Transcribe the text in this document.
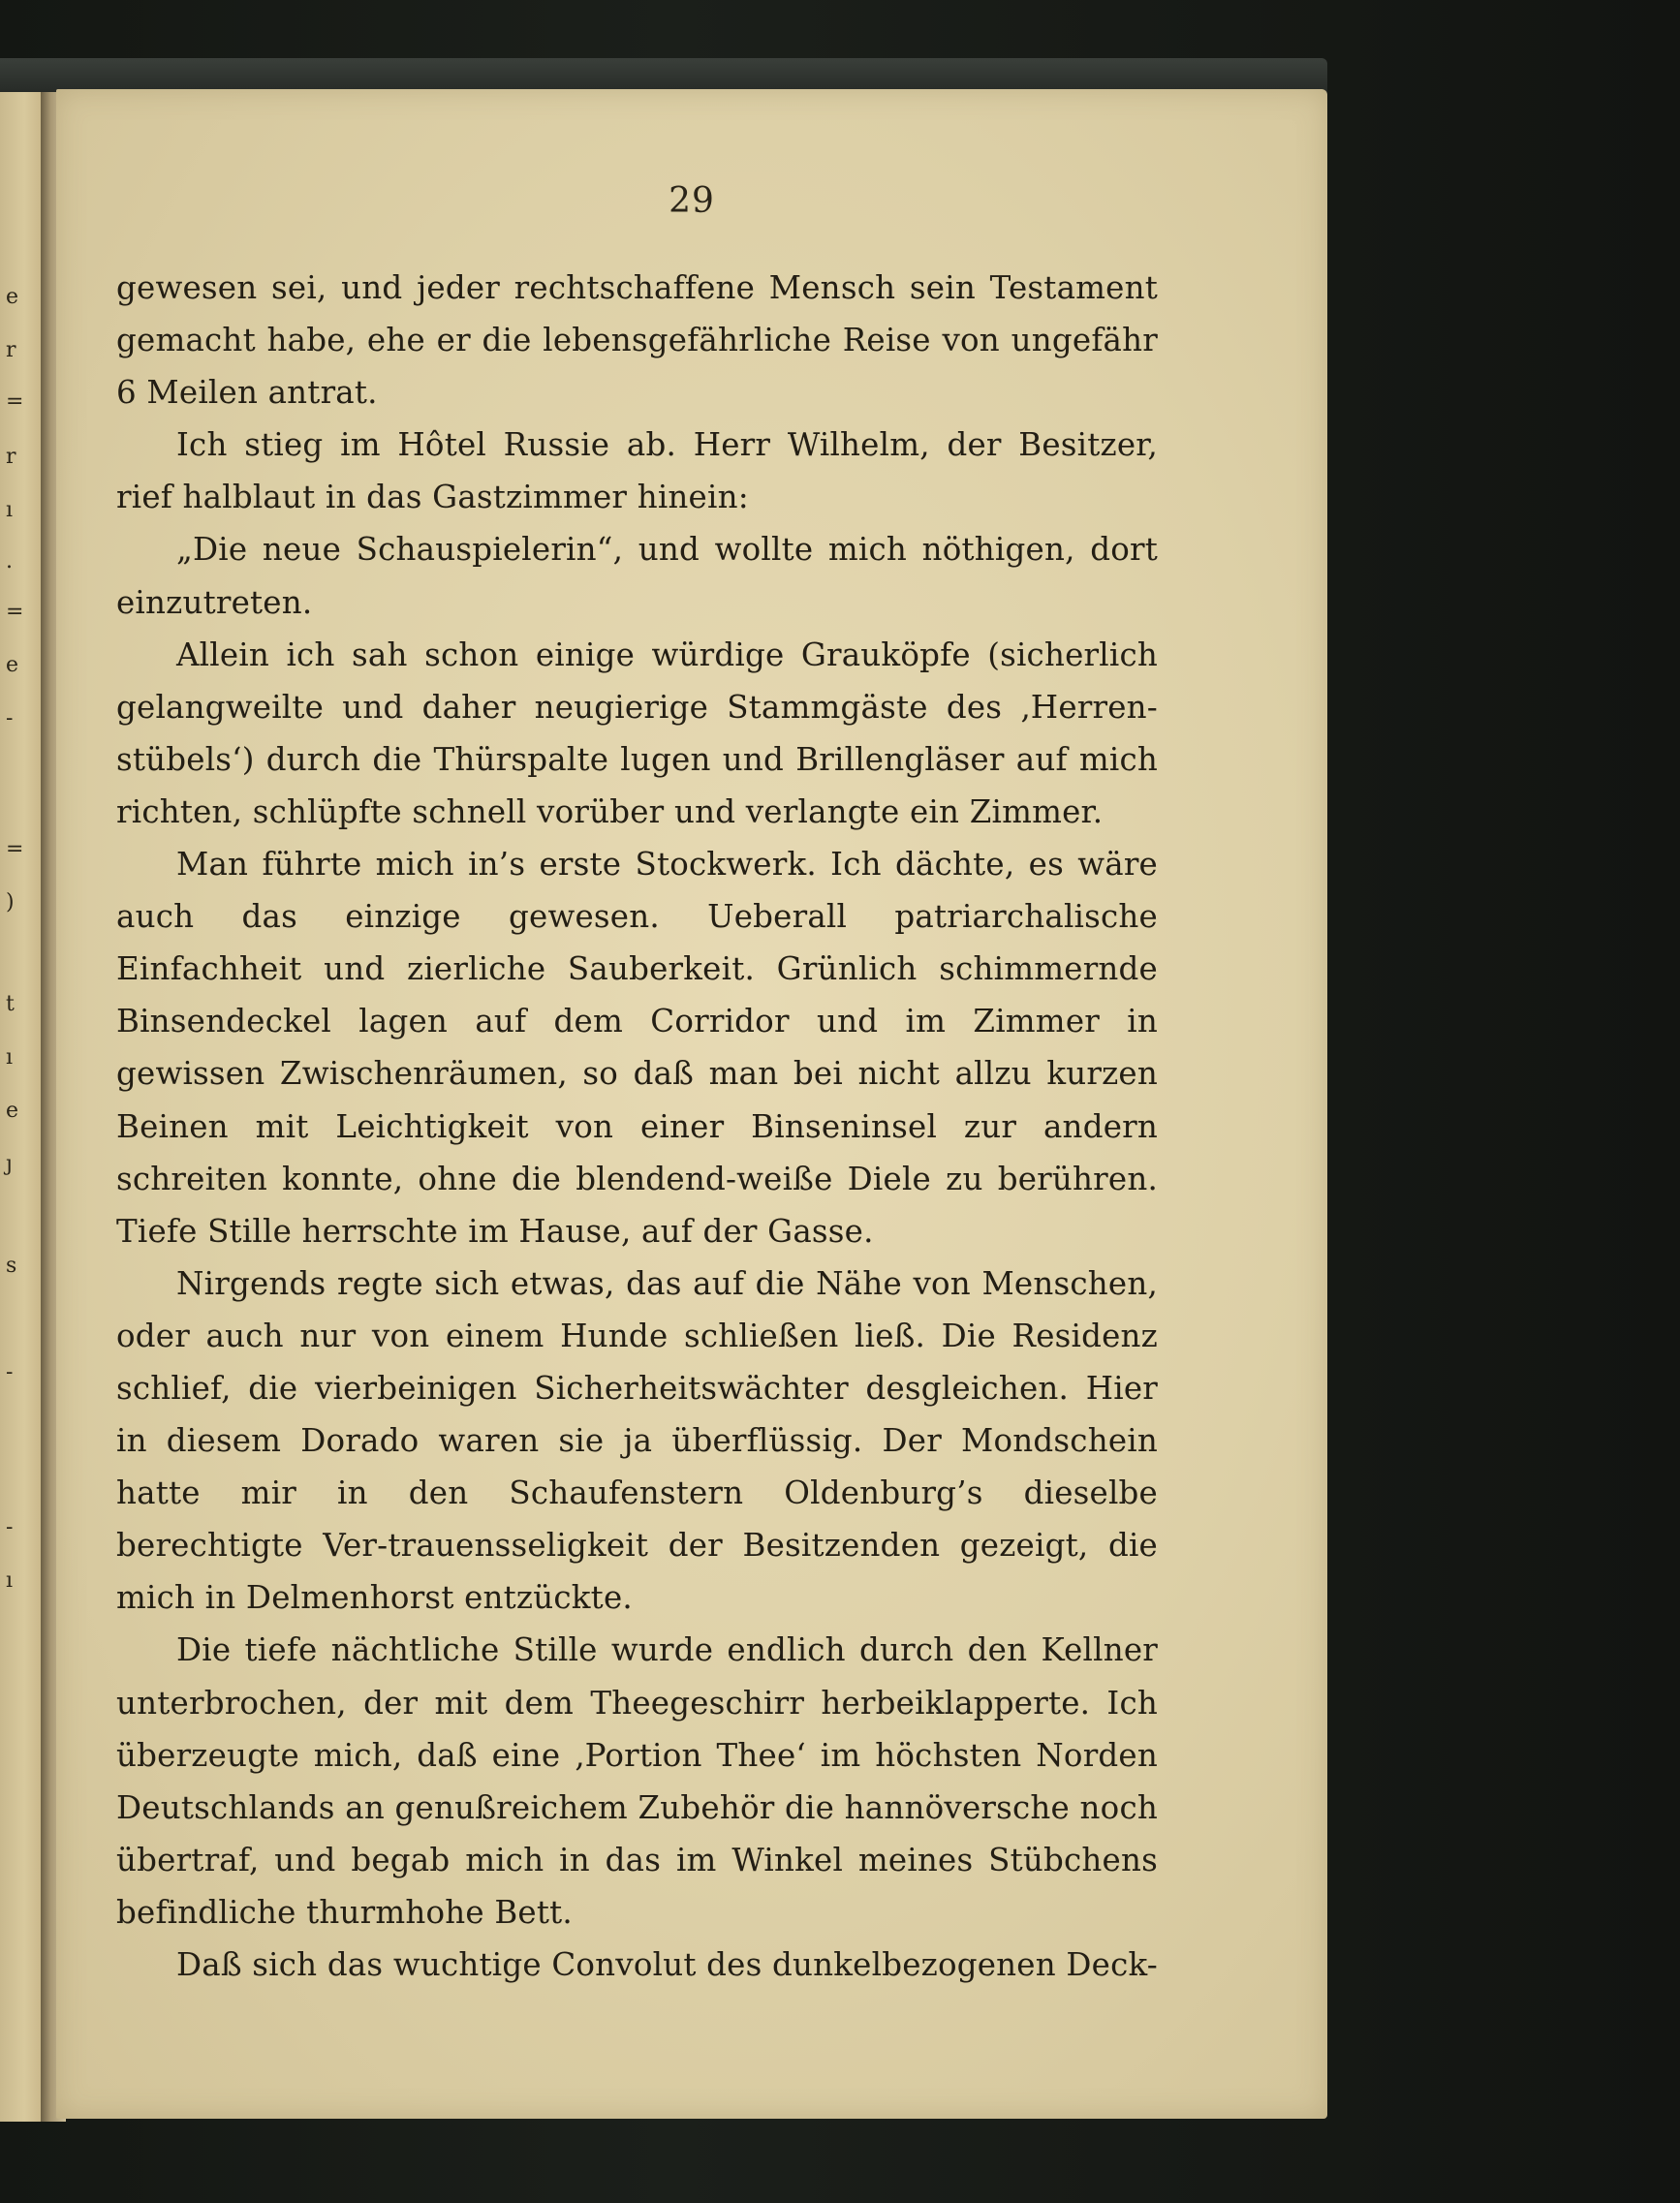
e
r
=
r
ı
.
=
e
-
=
)
t
ı
e
ȷ
s
-
-
ı
29

gewesen sei, und jeder rechtschaffene Mensch sein Testament gemacht habe, ehe er die lebensgefährliche Reise von ungefähr 6 Meilen antrat.

Ich stieg im Hôtel Russie ab. Herr Wilhelm, der Besitzer, rief halblaut in das Gastzimmer hinein:

„Die neue Schauspielerin“, und wollte mich nöthigen, dort einzutreten.

Allein ich sah schon einige würdige Grauköpfe (sicherlich gelangweilte und daher neugierige Stammgäste des ‚Herren-stübels‘) durch die Thürspalte lugen und Brillengläser auf mich richten, schlüpfte schnell vorüber und verlangte ein Zimmer.

Man führte mich in’s erste Stockwerk. Ich dächte, es wäre auch das einzige gewesen. Ueberall patriarchalische Einfachheit und zierliche Sauberkeit. Grünlich schimmernde Binsendeckel lagen auf dem Corridor und im Zimmer in gewissen Zwischenräumen, so daß man bei nicht allzu kurzen Beinen mit Leichtigkeit von einer Binseninsel zur andern schreiten konnte, ohne die blendend-weiße Diele zu berühren. Tiefe Stille herrschte im Hause, auf der Gasse.

Nirgends regte sich etwas, das auf die Nähe von Menschen, oder auch nur von einem Hunde schließen ließ. Die Residenz schlief, die vierbeinigen Sicherheitswächter desgleichen. Hier in diesem Dorado waren sie ja überflüssig. Der Mondschein hatte mir in den Schaufenstern Oldenburg’s dieselbe berechtigte Ver-trauensseligkeit der Besitzenden gezeigt, die mich in Delmenhorst entzückte.

Die tiefe nächtliche Stille wurde endlich durch den Kellner unterbrochen, der mit dem Theegeschirr herbeiklapperte. Ich überzeugte mich, daß eine ‚Portion Thee‘ im höchsten Norden Deutschlands an genußreichem Zubehör die hannöversche noch übertraf, und begab mich in das im Winkel meines Stübchens befindliche thurmhohe Bett.

Daß sich das wuchtige Convolut des dunkelbezogenen Deck-
